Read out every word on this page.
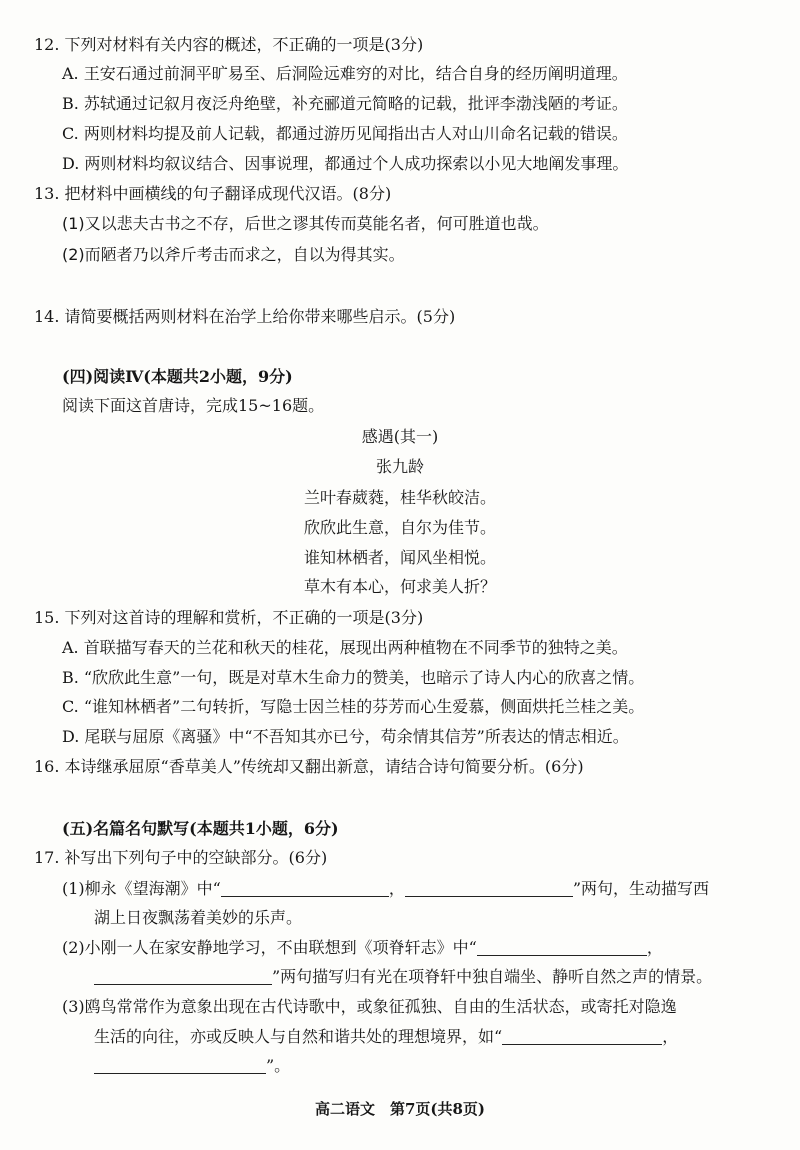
12. 下列对材料有关内容的概述，不正确的一项是(3分)
A. 王安石通过前洞平旷易至、后洞险远难穷的对比，结合自身的经历阐明道理。
B. 苏轼通过记叙月夜泛舟绝壁，补充郦道元简略的记载，批评李渤浅陋的考证。
C. 两则材料均提及前人记载，都通过游历见闻指出古人对山川命名记载的错误。
D. 两则材料均叙议结合、因事说理，都通过个人成功探索以小见大地阐发事理。
13. 把材料中画横线的句子翻译成现代汉语。(8分)
(1)又以悲夫古书之不存，后世之谬其传而莫能名者，何可胜道也哉。
(2)而陋者乃以斧斤考击而求之，自以为得其实。
14. 请简要概括两则材料在治学上给你带来哪些启示。(5分)
(四)阅读Ⅳ(本题共2小题，9分)
阅读下面这首唐诗，完成15~16题。
感遇(其一)
张九龄
兰叶春葳蕤，桂华秋皎洁。
欣欣此生意，自尔为佳节。
谁知林栖者，闻风坐相悦。
草木有本心，何求美人折？
15. 下列对这首诗的理解和赏析，不正确的一项是(3分)
A. 首联描写春天的兰花和秋天的桂花，展现出两种植物在不同季节的独特之美。
B. “欣欣此生意”一句，既是对草木生命力的赞美，也暗示了诗人内心的欣喜之情。
C. “谁知林栖者”二句转折，写隐士因兰桂的芬芳而心生爱慕，侧面烘托兰桂之美。
D. 尾联与屈原《离骚》中“不吾知其亦已兮，苟余情其信芳”所表达的情志相近。
16. 本诗继承屈原“香草美人”传统却又翻出新意，请结合诗句简要分析。(6分)
(五)名篇名句默写(本题共1小题，6分)
17. 补写出下列句子中的空缺部分。(6分)
(1)柳永《望海潮》中“	，	”两句，生动描写西
湖上日夜飘荡着美妙的乐声。
(2)小刚一人在家安静地学习，不由联想到《项脊轩志》中“	，
”两句描写归有光在项脊轩中独自端坐、静听自然之声的情景。
(3)鸥鸟常常作为意象出现在古代诗歌中，或象征孤独、自由的生活状态，或寄托对隐逸
生活的向往，亦或反映人与自然和谐共处的理想境界，如“	，
”。
高二语文　第7页(共8页)
